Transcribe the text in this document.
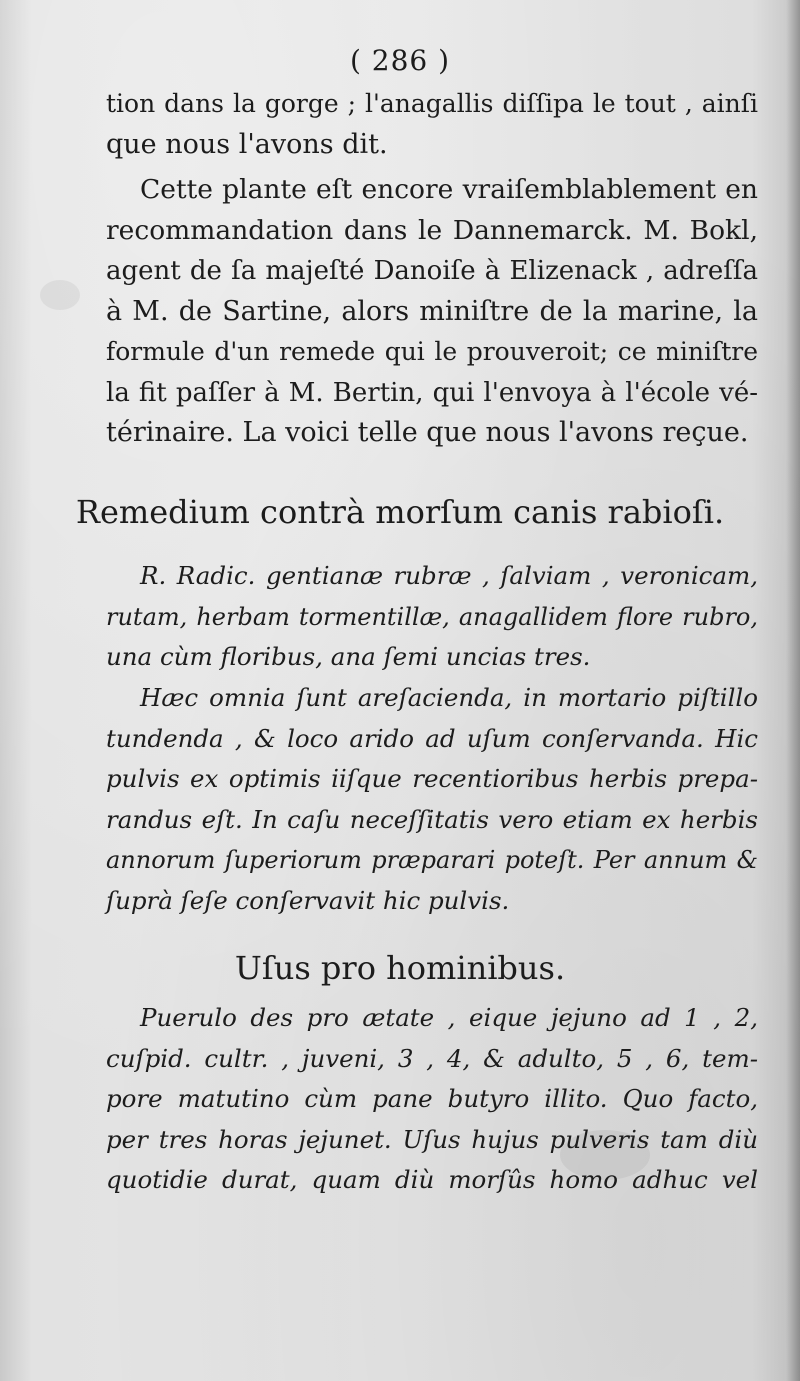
( 286 )
tion dans la gorge ; l'anagallis diſſipa le tout , ainſi
que nous l'avons dit.
Cette plante eſt encore vraiſemblablement en
recommandation dans le Dannemarck. M. Bokl,
agent de ſa majeſté Danoiſe à Elizenack , adreſſa
à M. de Sartine, alors miniſtre de la marine, la
formule d'un remede qui le prouveroit; ce miniſtre
la fit paſſer à M. Bertin, qui l'envoya à l'école vé-
térinaire. La voici telle que nous l'avons reçue.
Remedium contrà morſum canis rabioſi.
R. Radic. gentianæ rubræ , ſalviam , veronicam,
rutam, herbam tormentillæ, anagallidem flore rubro,
una cùm floribus, ana ſemi uncias tres.
Hæc omnia ſunt areſacienda, in mortario piſtillo
tundenda , & loco arido ad uſum conſervanda. Hic
pulvis ex optimis iiſque recentioribus herbis prepa-
randus eſt. In caſu neceſſitatis vero etiam ex herbis
annorum ſuperiorum præparari poteſt. Per annum &
ſuprà ſeſe conſervavit hic pulvis.
Uſus pro hominibus.
Puerulo des pro ætate , eique jejuno ad 1 , 2,
cuſpid. cultr. , juveni, 3 , 4, & adulto, 5 , 6, tem-
pore matutino cùm pane butyro illito. Quo facto,
per tres horas jejunet. Uſus hujus pulveris tam diù
quotidie durat, quam diù morſûs homo adhuc vel
